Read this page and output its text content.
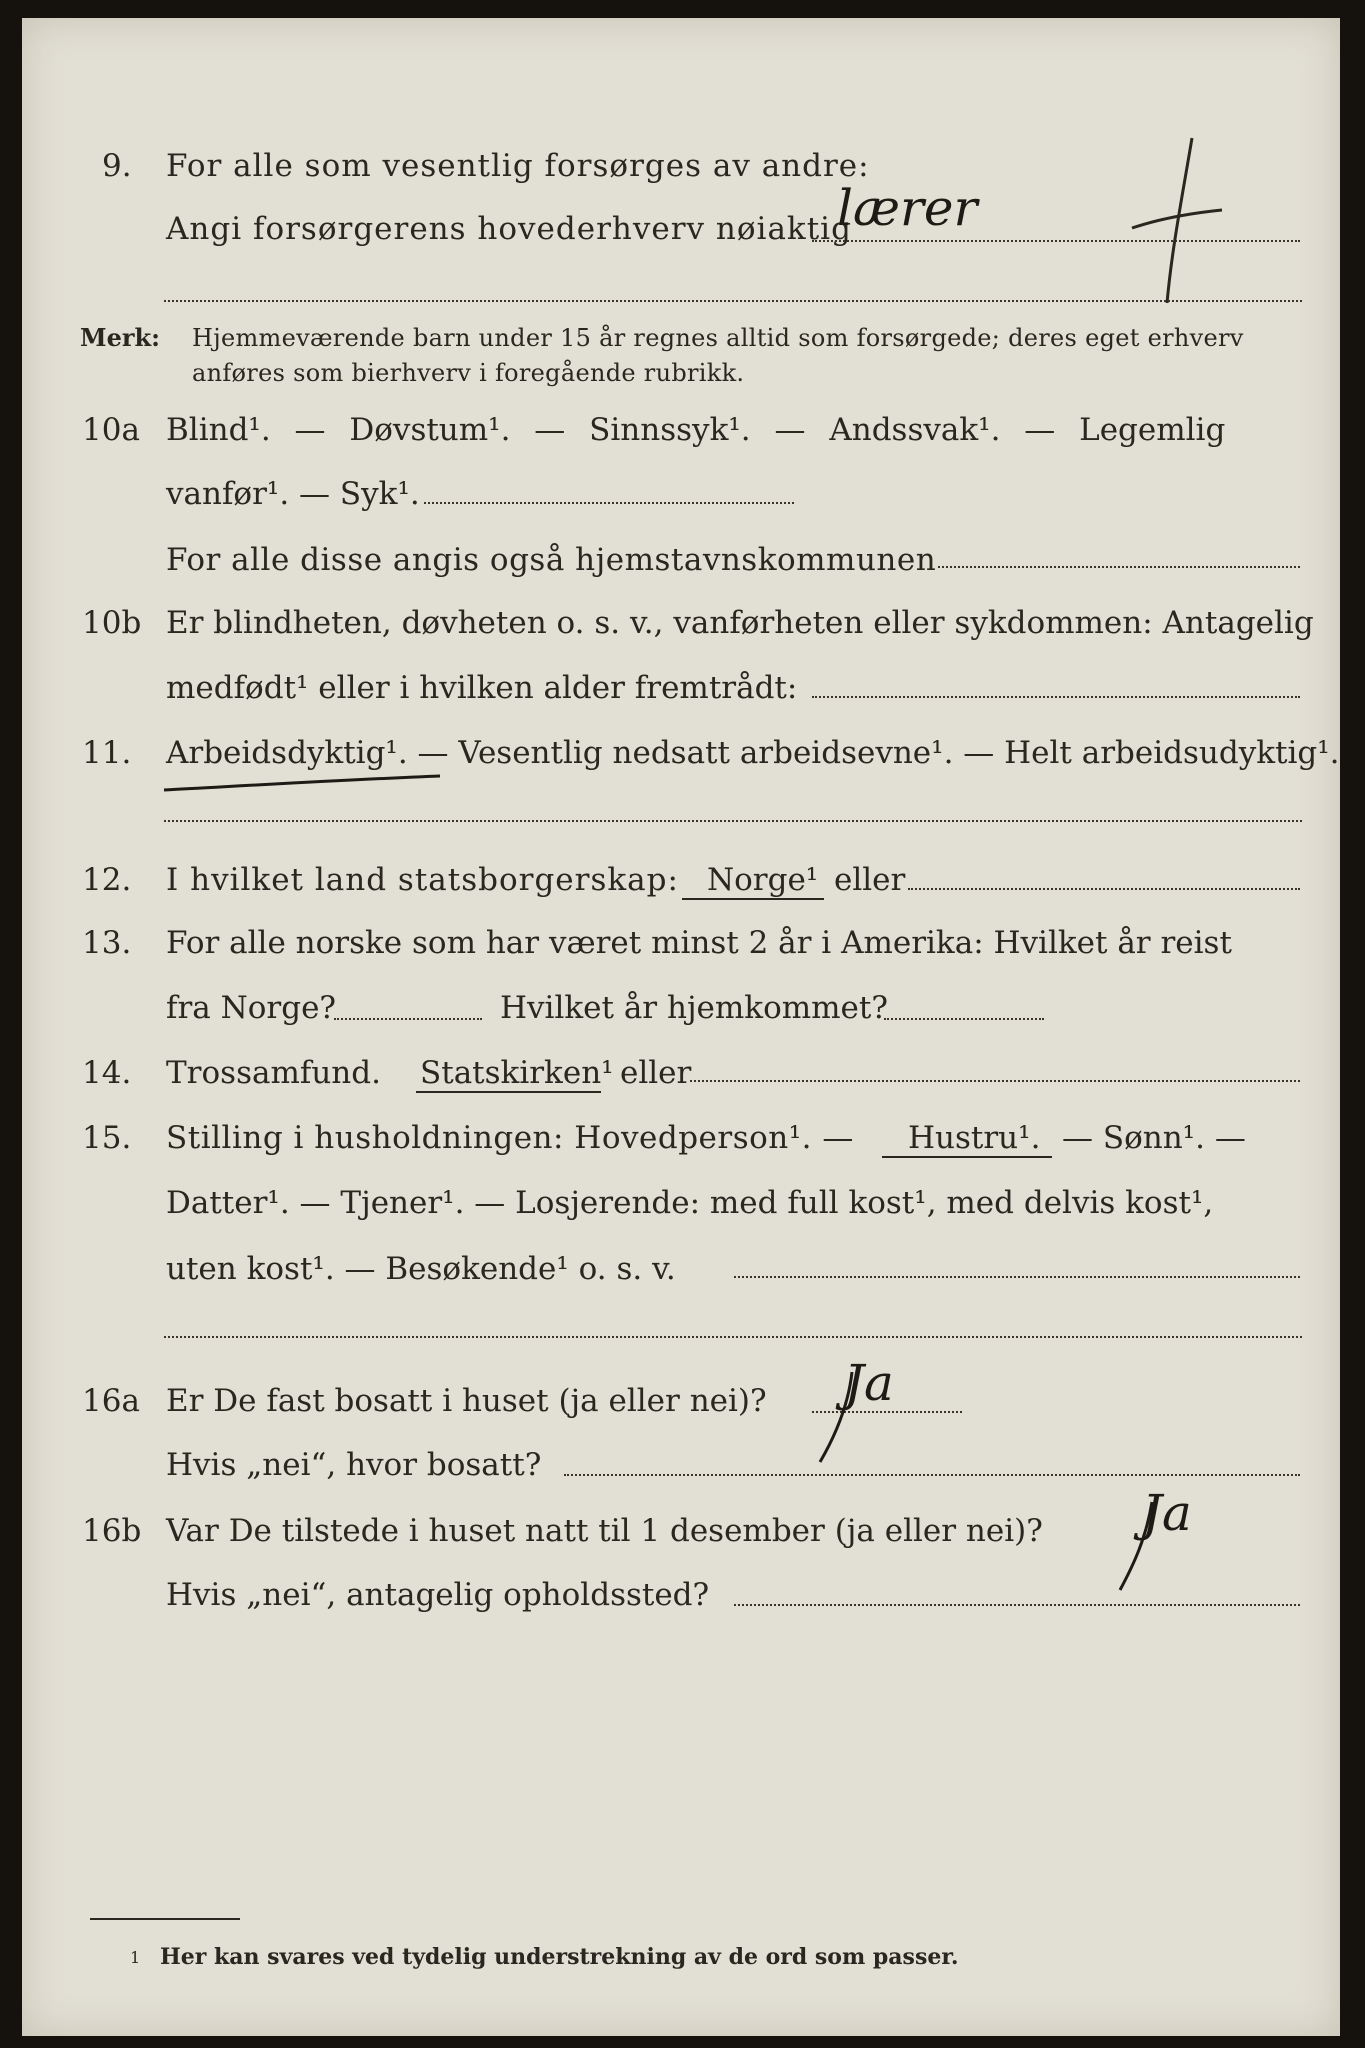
9. For alle som vesentlig forsørges av andre:
Angi forsørgerens hovederhverv nøiaktig
lærer
Merk: Hjemmeværende barn under 15 år regnes alltid som forsørgede; deres eget erhverv
anføres som bierhverv i foregående rubrikk.
10a Blind¹. — Døvstum¹. — Sinnssyk¹. — Andssvak¹. — Legemlig
vanfør¹. — Syk¹.
For alle disse angis også hjemstavnskommunen
10b Er blindheten, døvheten o. s. v., vanførheten eller sykdommen: Antagelig
medfødt¹ eller i hvilken alder fremtrådt:
11. Arbeidsdyktig¹. — Vesentlig nedsatt arbeidsevne¹. — Helt arbeidsudyktig¹.
12. I hvilket land statsborgerskap: Norge¹ eller
13. For alle norske som har været minst 2 år i Amerika: Hvilket år reist
fra Norge?	Hvilket år hjemkommet?
14. Trossamfund. Statskirken¹ eller
15. Stilling i husholdningen: Hovedperson¹. — Hustru¹. — Sønn¹. —
Datter¹. — Tjener¹. — Losjerende: med full kost¹, med delvis kost¹,
uten kost¹. — Besøkende¹ o. s. v.
16a Er De fast bosatt i huset (ja eller nei)? Ja
Hvis „nei“, hvor bosatt?
16b Var De tilstede i huset natt til 1 desember (ja eller nei)? Ja
Hvis „nei“, antagelig opholdssted?
1 Her kan svares ved tydelig understrekning av de ord som passer.
